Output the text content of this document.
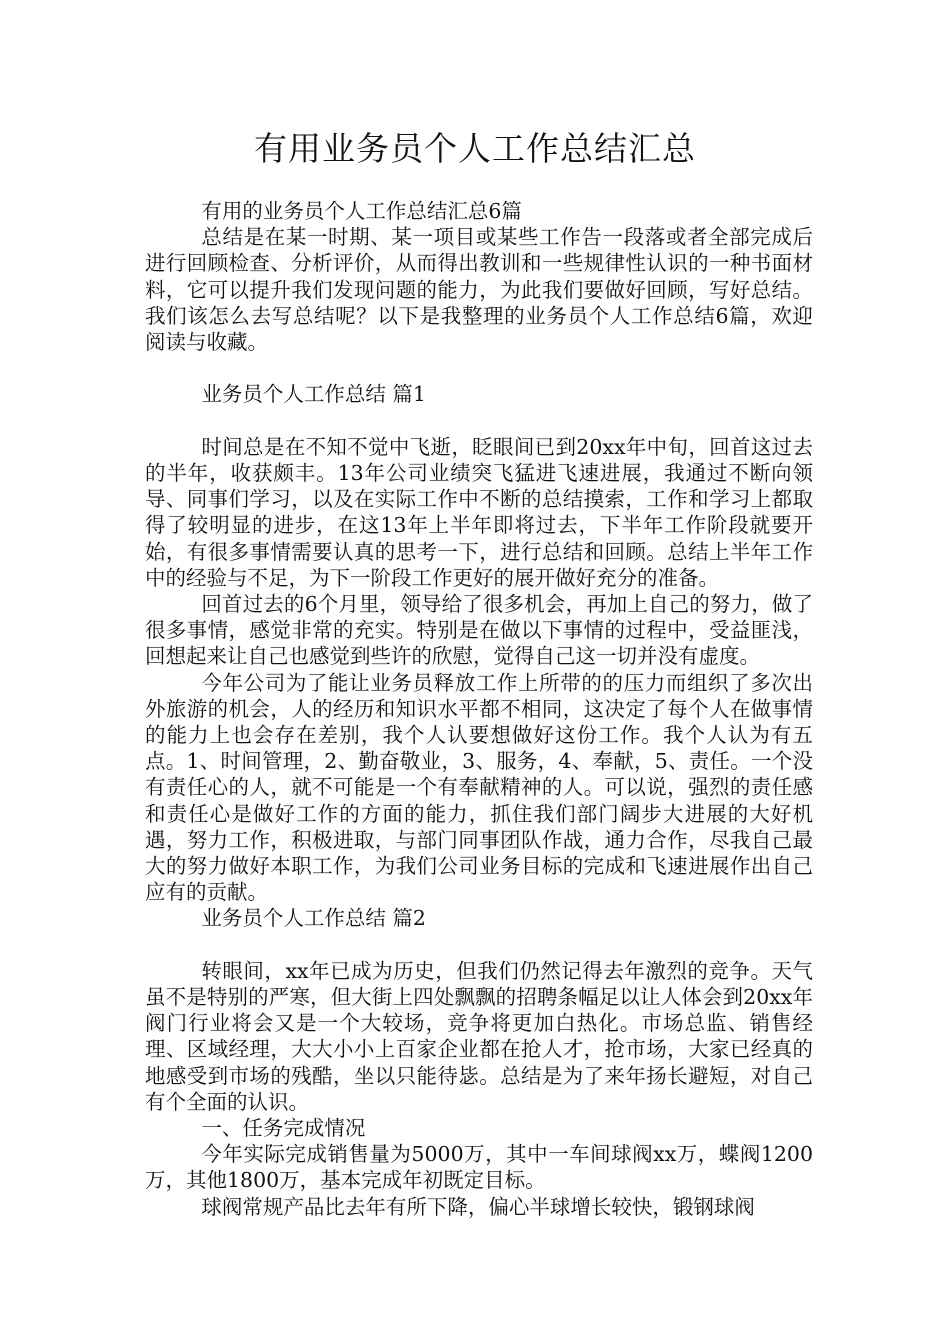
有用业务员个人工作总结汇总

有用的业务员个人工作总结汇总6篇

总结是在某一时期、某一项目或某些工作告一段落或者全部完成后进行回顾检查、分析评价，从而得出教训和一些规律性认识的一种书面材料，它可以提升我们发现问题的能力，为此我们要做好回顾，写好总结。我们该怎么去写总结呢？以下是我整理的业务员个人工作总结6篇，欢迎阅读与收藏。

业务员个人工作总结 篇1

时间总是在不知不觉中飞逝，眨眼间已到20xx年中旬，回首这过去的半年，收获颇丰。13年公司业绩突飞猛进飞速进展，我通过不断向领导、同事们学习，以及在实际工作中不断的总结摸索，工作和学习上都取得了较明显的进步，在这13年上半年即将过去，下半年工作阶段就要开始，有很多事情需要认真的思考一下，进行总结和回顾。总结上半年工作中的经验与不足，为下一阶段工作更好的展开做好充分的准备。

回首过去的6个月里，领导给了很多机会，再加上自己的努力，做了很多事情，感觉非常的充实。特别是在做以下事情的过程中，受益匪浅，回想起来让自己也感觉到些许的欣慰，觉得自己这一切并没有虚度。

今年公司为了能让业务员释放工作上所带的的压力而组织了多次出外旅游的机会，人的经历和知识水平都不相同，这决定了每个人在做事情的能力上也会存在差别，我个人认要想做好这份工作。我个人认为有五点。1、时间管理，2、勤奋敬业，3、服务，4、奉献，5、责任。一个没有责任心的人，就不可能是一个有奉献精神的人。可以说，强烈的责任感和责任心是做好工作的方面的能力，抓住我们部门阔步大进展的大好机遇，努力工作，积极进取，与部门同事团队作战，通力合作，尽我自己最大的努力做好本职工作，为我们公司业务目标的完成和飞速进展作出自己应有的贡献。

业务员个人工作总结 篇2

转眼间，xx年已成为历史，但我们仍然记得去年激烈的竞争。天气虽不是特别的严寒，但大街上四处飘飘的招聘条幅足以让人体会到20xx年阀门行业将会又是一个大较场，竞争将更加白热化。市场总监、销售经理、区域经理，大大小小上百家企业都在抢人才，抢市场，大家已经真的地感受到市场的残酷，坐以只能待毖。总结是为了来年扬长避短，对自己有个全面的认识。

一、任务完成情况

今年实际完成销售量为5000万，其中一车间球阀xx万，蝶阀1200万，其他1800万，基本完成年初既定目标。

球阀常规产品比去年有所下降，偏心半球增长较快，锻钢球阀
